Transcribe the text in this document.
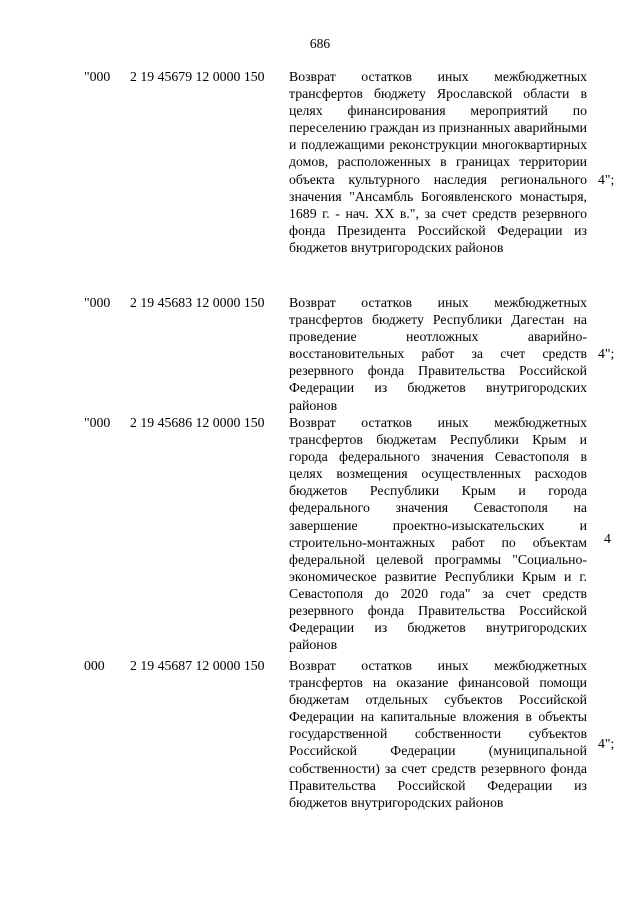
686
"000 2 19 45679 12 0000 150 Возврат остатков иных межбюджетных трансфертов бюджету Ярославской области в целях финансирования мероприятий по переселению граждан из признанных аварийными и подлежащими реконструкции многоквартирных домов, расположенных в границах территории объекта культурного наследия регионального значения "Ансамбль Богоявленского монастыря, 1689 г. - нач. XX в.", за счет средств резервного фонда Президента Российской Федерации из бюджетов внутригородских районов
4";
"000 2 19 45683 12 0000 150 Возврат остатков иных межбюджетных трансфертов бюджету Республики Дагестан на проведение неотложных аварийно-восстановительных работ за счет средств резервного фонда Правительства Российской Федерации из бюджетов внутригородских районов
4";
"000 2 19 45686 12 0000 150 Возврат остатков иных межбюджетных трансфертов бюджетам Республики Крым и города федерального значения Севастополя в целях возмещения осуществленных расходов бюджетов Республики Крым и города федерального значения Севастополя на завершение проектно-изыскательских и строительно-монтажных работ по объектам федеральной целевой программы "Социально-экономическое развитие Республики Крым и г. Севастополя до 2020 года" за счет средств резервного фонда Правительства Российской Федерации из бюджетов внутригородских районов
4
000 2 19 45687 12 0000 150 Возврат остатков иных межбюджетных трансфертов на оказание финансовой помощи бюджетам отдельных субъектов Российской Федерации на капитальные вложения в объекты государственной собственности субъектов Российской Федерации (муниципальной собственности) за счет средств резервного фонда Правительства Российской Федерации из бюджетов внутригородских районов
4";
